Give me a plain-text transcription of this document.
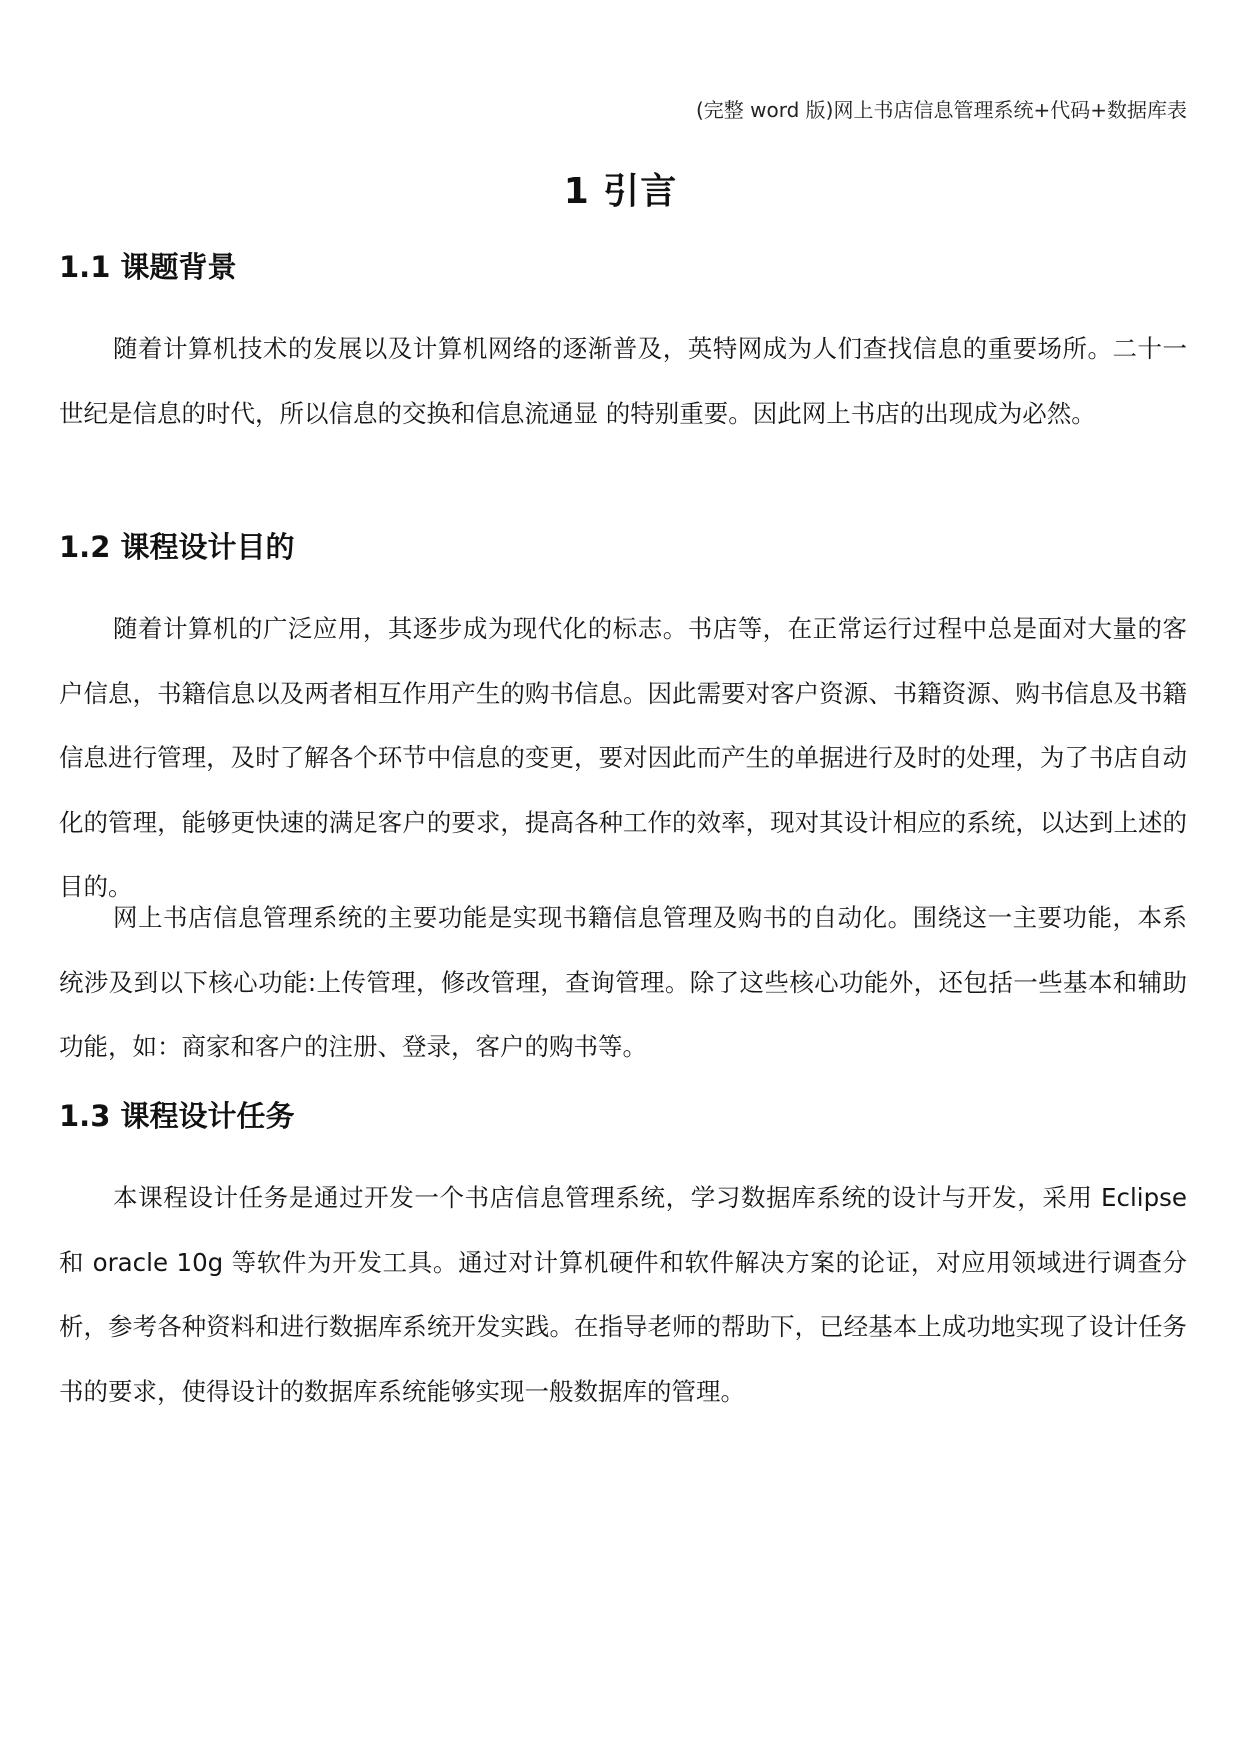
(完整 word 版)网上书店信息管理系统+代码+数据库表
1 引言
1.1 课题背景
随着计算机技术的发展以及计算机网络的逐渐普及，英特网成为人们查找信息的重要场所。二十一世纪是信息的时代，所以信息的交换和信息流通显 的特别重要。因此网上书店的出现成为必然。
1.2 课程设计目的
随着计算机的广泛应用，其逐步成为现代化的标志。书店等，在正常运行过程中总是面对大量的客户信息，书籍信息以及两者相互作用产生的购书信息。因此需要对客户资源、书籍资源、购书信息及书籍信息进行管理，及时了解各个环节中信息的变更，要对因此而产生的单据进行及时的处理，为了书店自动化的管理，能够更快速的满足客户的要求，提高各种工作的效率，现对其设计相应的系统，以达到上述的目的。
网上书店信息管理系统的主要功能是实现书籍信息管理及购书的自动化。围绕这一主要功能，本系统涉及到以下核心功能:上传管理，修改管理，查询管理。除了这些核心功能外，还包括一些基本和辅助功能，如：商家和客户的注册、登录，客户的购书等。
1.3 课程设计任务
本课程设计任务是通过开发一个书店信息管理系统，学习数据库系统的设计与开发，采用 Eclipse 和 oracle 10g 等软件为开发工具。通过对计算机硬件和软件解决方案的论证，对应用领域进行调查分析，参考各种资料和进行数据库系统开发实践。在指导老师的帮助下，已经基本上成功地实现了设计任务书的要求，使得设计的数据库系统能够实现一般数据库的管理。
